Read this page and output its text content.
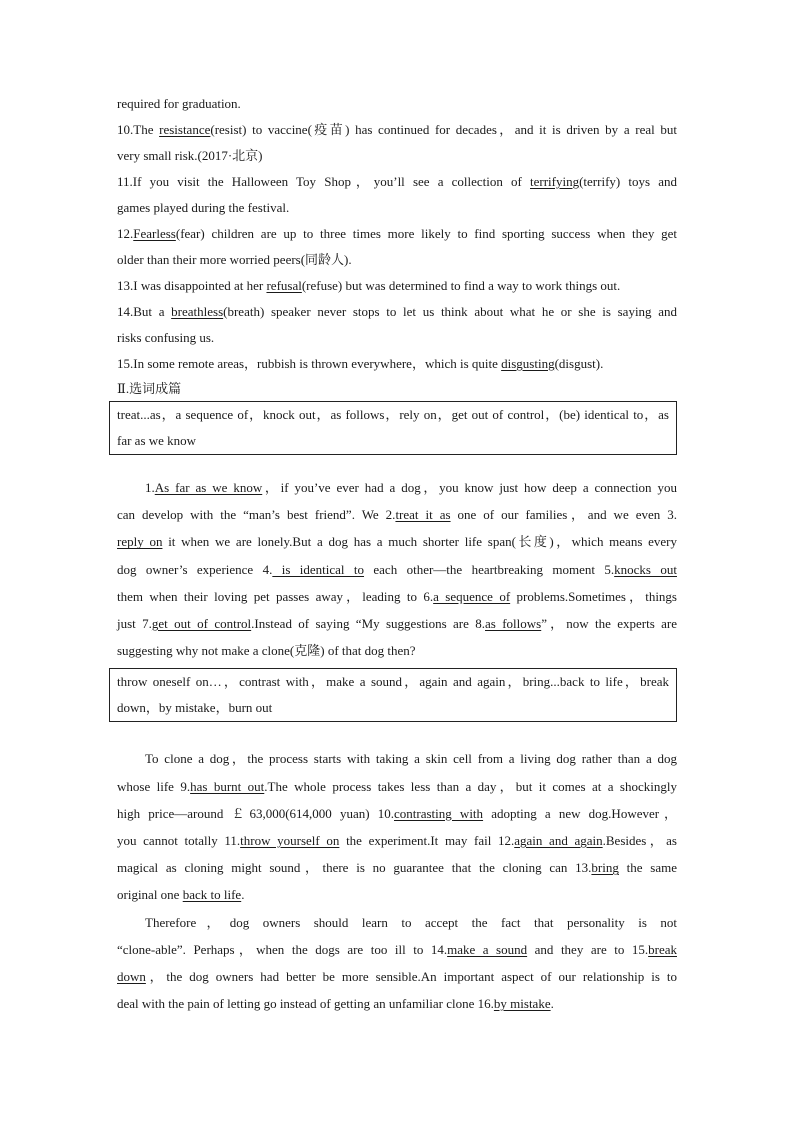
required for graduation.
10.The resistance(resist) to vaccine(疫苗) has continued for decades，and it is driven by a real but
very small risk.(2017·北京)
11.If you visit the Halloween Toy Shop，you’ll see a collection of terrifying(terrify) toys and
games played during the festival.
12.Fearless(fear) children are up to three times more likely to find sporting success when they get
older than their more worried peers(同龄人).
13.I was disappointed at her refusal(refuse) but was determined to find a way to work things out.
14.But a breathless(breath) speaker never stops to let us think about what he or she is saying and
risks confusing us.
15.In some remote areas，rubbish is thrown everywhere，which is quite disgusting(disgust).
Ⅱ.选词成篇
treat...as，a sequence of，knock out，as follows，rely on，get out of control，(be) identical to，as
far as we know
1.As far as we know，if you’ve ever had a dog，you know just how deep a connection you
can develop with the “man’s best friend”. We 2.treat it as one of our families，and we even 3.
reply on it when we are lonely.But a dog has a much shorter life span(长度)，which means every
dog owner’s experience 4. is identical to each other—the heartbreaking moment 5.knocks out
them when their loving pet passes away，leading to 6.a sequence of problems.Sometimes，things
just 7.get out of control.Instead of saying “My suggestions are 8.as follows”，now the experts are
suggesting why not make a clone(克隆) of that dog then?
throw oneself on…，contrast with，make a sound，again and again，bring...back to life，break
down，by mistake，burn out
To clone a dog，the process starts with taking a skin cell from a living dog rather than a dog
whose life 9.has burnt out.The whole process takes less than a day，but it comes at a shockingly
high price—around ￡63,000(614,000 yuan) 10.contrasting with adopting a new dog.However，
you cannot totally 11.throw yourself on the experiment.It may fail 12.again and again.Besides，as
magical as cloning might sound，there is no guarantee that the cloning can 13.bring the same
original one back to life.
Therefore，dog owners should learn to accept the fact that personality is not
“clone-able”. Perhaps，when the dogs are too ill to 14.make a sound and they are to 15.break
down，the dog owners had better be more sensible.An important aspect of our relationship is to
deal with the pain of letting go instead of getting an unfamiliar clone 16.by mistake.
